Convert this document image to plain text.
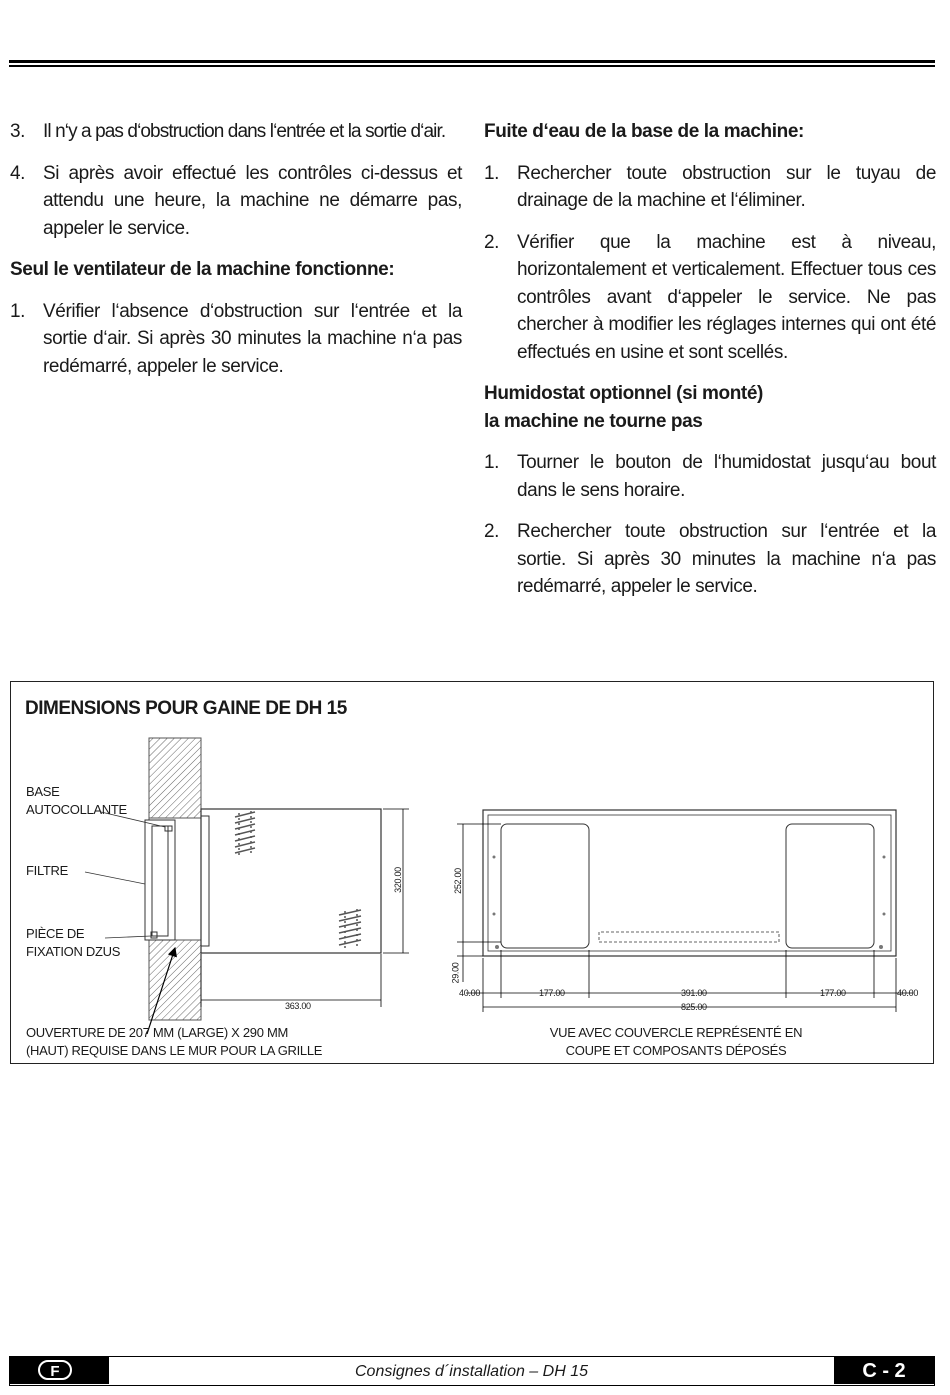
3. Il n‘y a pas d‘obstruction dans l‘entrée et la sortie d‘air.
4. Si après avoir effectué les contrôles ci-dessus et attendu une heure, la machine ne démarre pas, appeler le service.
Seul le ventilateur de la machine fonctionne:
1. Vérifier l‘absence d‘obstruction sur l‘entrée et la sortie d‘air. Si après 30 minutes la machine n‘a pas redémarré, appeler le service.
Fuite d‘eau de la base de la machine:
1. Rechercher toute obstruction sur le tuyau de drainage de la machine et l‘éliminer.
2. Vérifier que la machine est à niveau, horizontalement et verticalement. Effectuer tous ces contrôles avant d‘appeler le service. Ne pas chercher à modifier les réglages internes qui ont été effectués en usine et sont scellés.
Humidostat optionnel (si monté)
la machine ne tourne pas
1. Tourner le bouton de l‘humidostat jusqu‘au bout dans le sens horaire.
2. Rechercher toute obstruction sur l‘entrée et la sortie. Si après 30 minutes la machine n‘a pas redémarré, appeler le service.
DIMENSIONS POUR GAINE DE DH 15
320.00
363.00
252.00
29.00
40.00	177.00	391.00	177.00	40.00
825.00
BASE
AUTOCOLLANTE
FILTRE
PIÈCE DE
FIXATION DZUS
OUVERTURE DE 207 MM (LARGE) X 290 MM
(HAUT) REQUISE DANS LE MUR POUR LA GRILLE
VUE AVEC COUVERCLE REPRÉSENTÉ EN
COUPE ET COMPOSANTS DÉPOSÉS
F	Consignes d´installation – DH 15	C - 2
